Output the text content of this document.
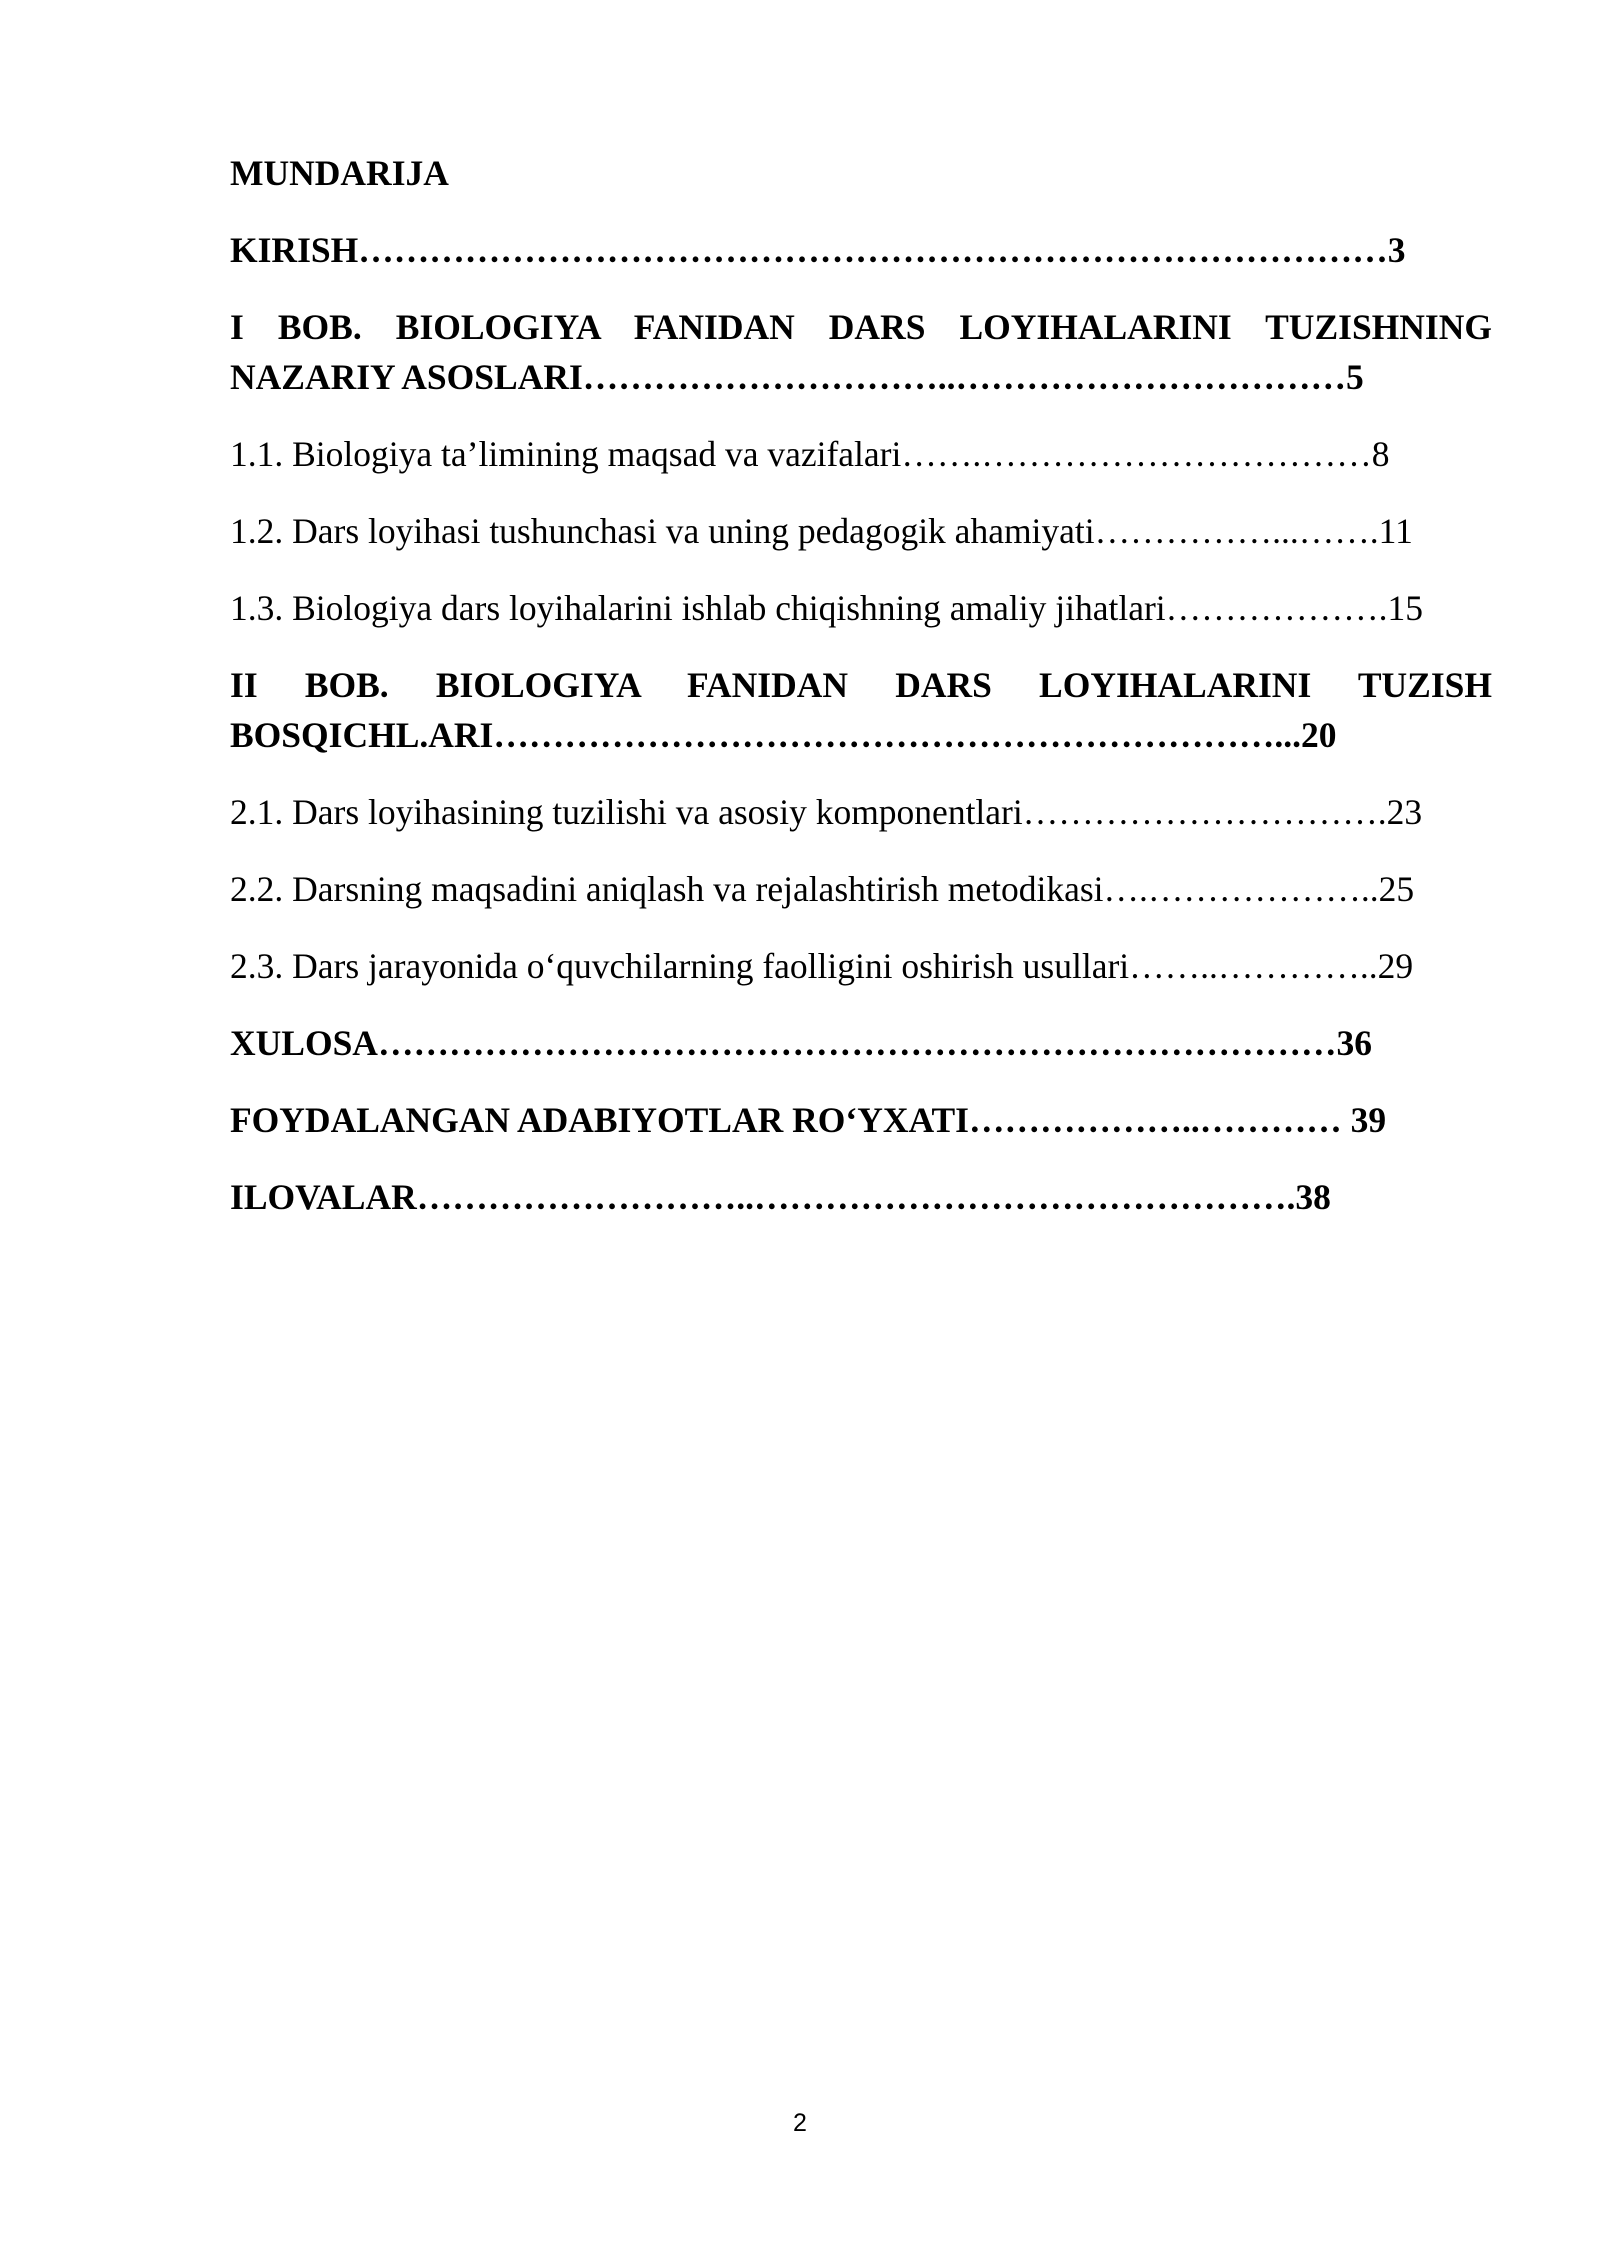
MUNDARIJA
KIRISH……………………………………………………………………………3
I BOB. BIOLOGIYA FANIDAN DARS LOYIHALARINI TUZISHNING NAZARIY ASOSLARI…………………………..……………………………5
1.1. Biologiya ta’limining maqsad va vazifalari…….……………………………8
1.2. Dars loyihasi tushunchasi va uning pedagogik ahamiyati……………...…….11
1.3. Biologiya dars loyihalarini ishlab chiqishning amaliy jihatlari……………….15
II BOB. BIOLOGIYA FANIDAN DARS LOYIHALARINI TUZISH BOSQICHL.ARI…………………………………………………………...20
2.1. Dars loyihasining tuzilishi va asosiy komponentlari………………………….23
2.2. Darsning maqsadini aniqlash va rejalashtirish metodikasi….………………..25
2.3. Dars jarayonida o‘quvchilarning faolligini oshirish usullari……..…………..29
XULOSA………………………………………………………………………36
FOYDALANGAN ADABIYOTLAR RO‘YXATI………………..………… 39
ILOVALAR………………………..……………………………………….38
2
